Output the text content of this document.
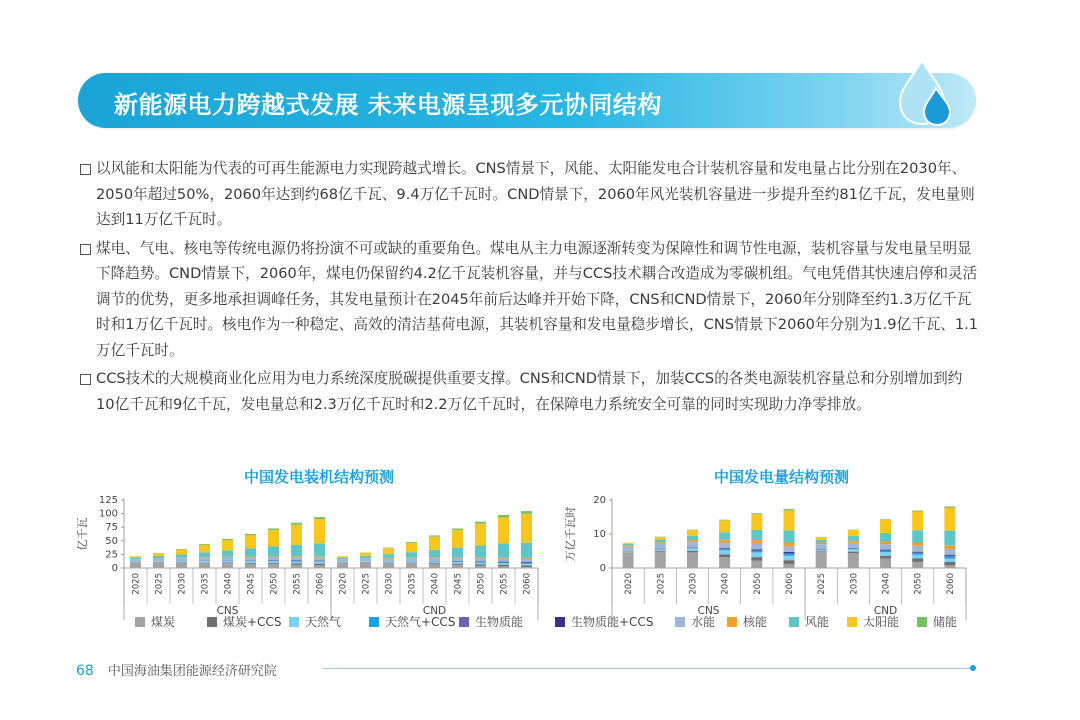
新能源电力跨越式发展 未来电源呈现多元协同结构
以风能和太阳能为代表的可再生能源电力实现跨越式增长。CNS情景下，风能、太阳能发电合计装机容量和发电量占比分别在2030年、2050年超过50%，2060年达到约68亿千瓦、9.4万亿千瓦时。CND情景下，2060年风光装机容量进一步提升至约81亿千瓦，发电量则达到11万亿千瓦时。
煤电、气电、核电等传统电源仍将扮演不可或缺的重要角色。煤电从主力电源逐渐转变为保障性和调节性电源，装机容量与发电量呈明显下降趋势。CND情景下，2060年，煤电仍保留约4.2亿千瓦装机容量，并与CCS技术耦合改造成为零碳机组。气电凭借其快速启停和灵活调节的优势，更多地承担调峰任务，其发电量预计在2045年前后达峰并开始下降，CNS和CND情景下，2060年分别降至约1.3万亿千瓦时和1万亿千瓦时。核电作为一种稳定、高效的清洁基荷电源，其装机容量和发电量稳步增长，CNS情景下2060年分别为1.9亿千瓦、1.1万亿千瓦时。
CCS技术的大规模商业化应用为电力系统深度脱碳提供重要支撑。CNS和CND情景下，加装CCS的各类电源装机容量总和分别增加到约10亿千瓦和9亿千瓦，发电量总和2.3万亿千瓦时和2.2万亿千瓦时，在保障电力系统安全可靠的同时实现助力净零排放。
中国发电装机结构预测	中国发电量结构预测
亿千瓦
0
25
50
75
100
125
2020 2025 2030 2035 2040 2045 2050 2055 2060 2020 2025 2030 2035 2040 2045 2050 2055 2060
CNS	CND
万亿千瓦时
0
10
20
2020	2025	2030	2040	2050	2060	2025	2030	2040	2050	2060
CNS	CND
煤炭	煤炭+CCS	天然气	天然气+CCS	生物质能	生物质能+CCS	水能	核能	风能	太阳能	储能
68 中国海油集团能源经济研究院
